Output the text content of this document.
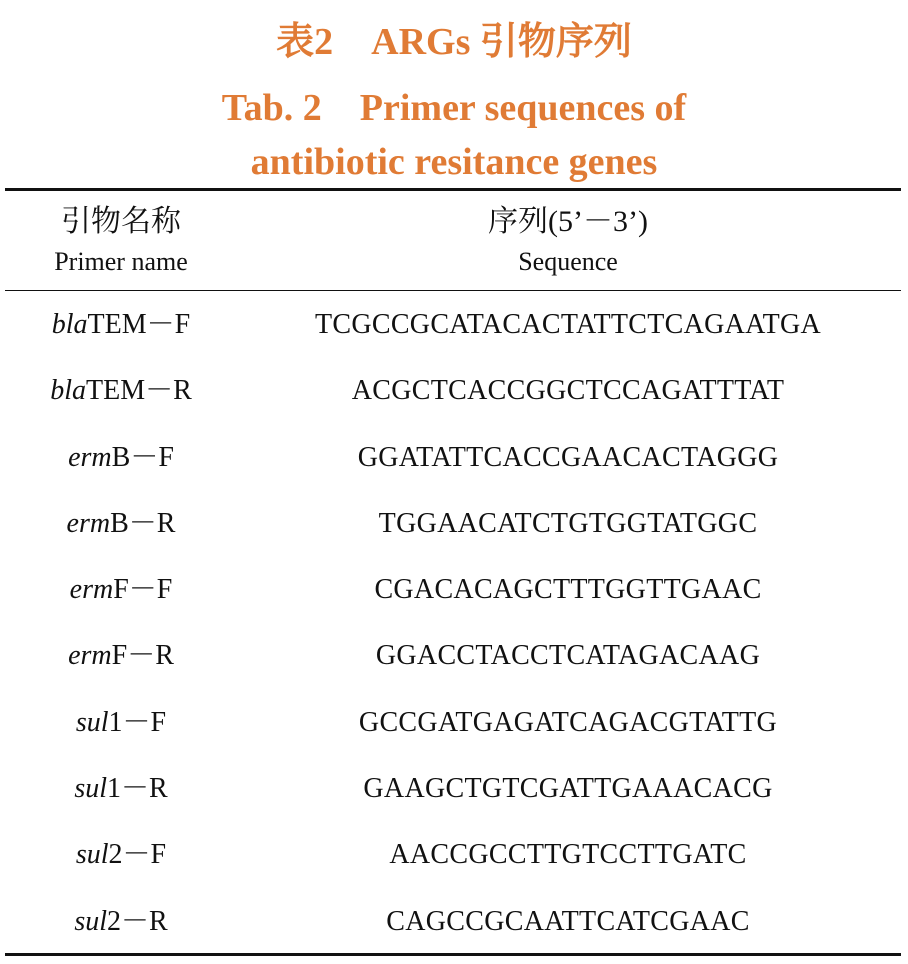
表2　ARGs 引物序列
Tab. 2　Primer sequences of
antibiotic resitance genes
引物名称
Primer name
序列(5’－3’)
Sequence
blaTEM－F	TCGCCGCATACACTATTCTCAGAATGA
blaTEM－R	ACGCTCACCGGCTCCAGATTTAT
ermB－F	GGATATTCACCGAACACTAGGG
ermB－R	TGGAACATCTGTGGTATGGC
ermF－F	CGACACAGCTTTGGTTGAAC
ermF－R	GGACCTACCTCATAGACAAG
sul1－F	GCCGATGAGATCAGACGTATTG
sul1－R	GAAGCTGTCGATTGAAACACG
sul2－F	AACCGCCTTGTCCTTGATC
sul2－R	CAGCCGCAATTCATCGAAC
